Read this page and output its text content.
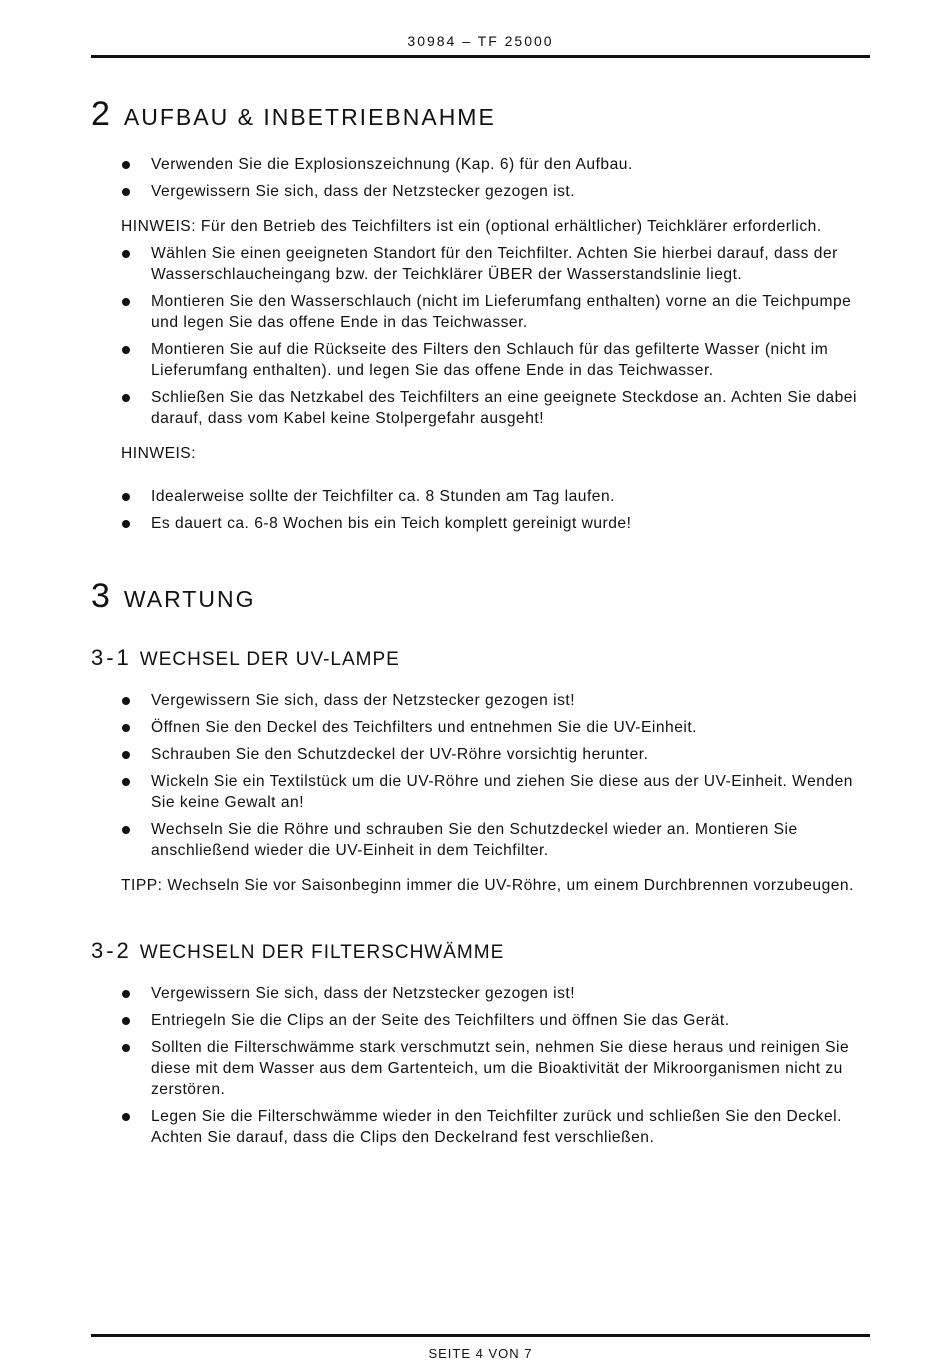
30984 – TF 25000
2 AUFBAU & INBETRIEBNAHME
Verwenden Sie die Explosionszeichnung (Kap. 6) für den Aufbau.
Vergewissern Sie sich, dass der Netzstecker gezogen ist.

HINWEIS: Für den Betrieb des Teichfilters ist ein (optional erhältlicher) Teichklärer erforderlich.

Wählen Sie einen geeigneten Standort für den Teichfilter. Achten Sie hierbei darauf, dass der Wasserschlaucheingang bzw. der Teichklärer ÜBER der Wasserstandslinie liegt.
Montieren Sie den Wasserschlauch (nicht im Lieferumfang enthalten) vorne an die Teichpumpe und legen Sie das offene Ende in das Teichwasser.
Montieren Sie auf die Rückseite des Filters den Schlauch für das gefilterte Wasser (nicht im Lieferumfang enthalten). und legen Sie das offene Ende in das Teichwasser.
Schließen Sie das Netzkabel des Teichfilters an eine geeignete Steckdose an. Achten Sie dabei darauf, dass vom Kabel keine Stolpergefahr ausgeht!

HINWEIS:

Idealerweise sollte der Teichfilter ca. 8 Stunden am Tag laufen.
Es dauert ca. 6-8 Wochen bis ein Teich komplett gereinigt wurde!
3 WARTUNG
3-1 WECHSEL DER UV-LAMPE
Vergewissern Sie sich, dass der Netzstecker gezogen ist!
Öffnen Sie den Deckel des Teichfilters und entnehmen Sie die UV-Einheit.
Schrauben Sie den Schutzdeckel der UV-Röhre vorsichtig herunter.
Wickeln Sie ein Textilstück um die UV-Röhre und ziehen Sie diese aus der UV-Einheit. Wenden Sie keine Gewalt an!
Wechseln Sie die Röhre und schrauben Sie den Schutzdeckel wieder an. Montieren Sie anschließend wieder die UV-Einheit in dem Teichfilter.

TIPP: Wechseln Sie vor Saisonbeginn immer die UV-Röhre, um einem Durchbrennen vorzubeugen.

3-2 WECHSELN DER FILTERSCHWÄMME
Vergewissern Sie sich, dass der Netzstecker gezogen ist!
Entriegeln Sie die Clips an der Seite des Teichfilters und öffnen Sie das Gerät.
Sollten die Filterschwämme stark verschmutzt sein, nehmen Sie diese heraus und reinigen Sie diese mit dem Wasser aus dem Gartenteich, um die Bioaktivität der Mikroorganismen nicht zu zerstören.
Legen Sie die Filterschwämme wieder in den Teichfilter zurück und schließen Sie den Deckel. Achten Sie darauf, dass die Clips den Deckelrand fest verschließen.
SEITE 4 VON 7
